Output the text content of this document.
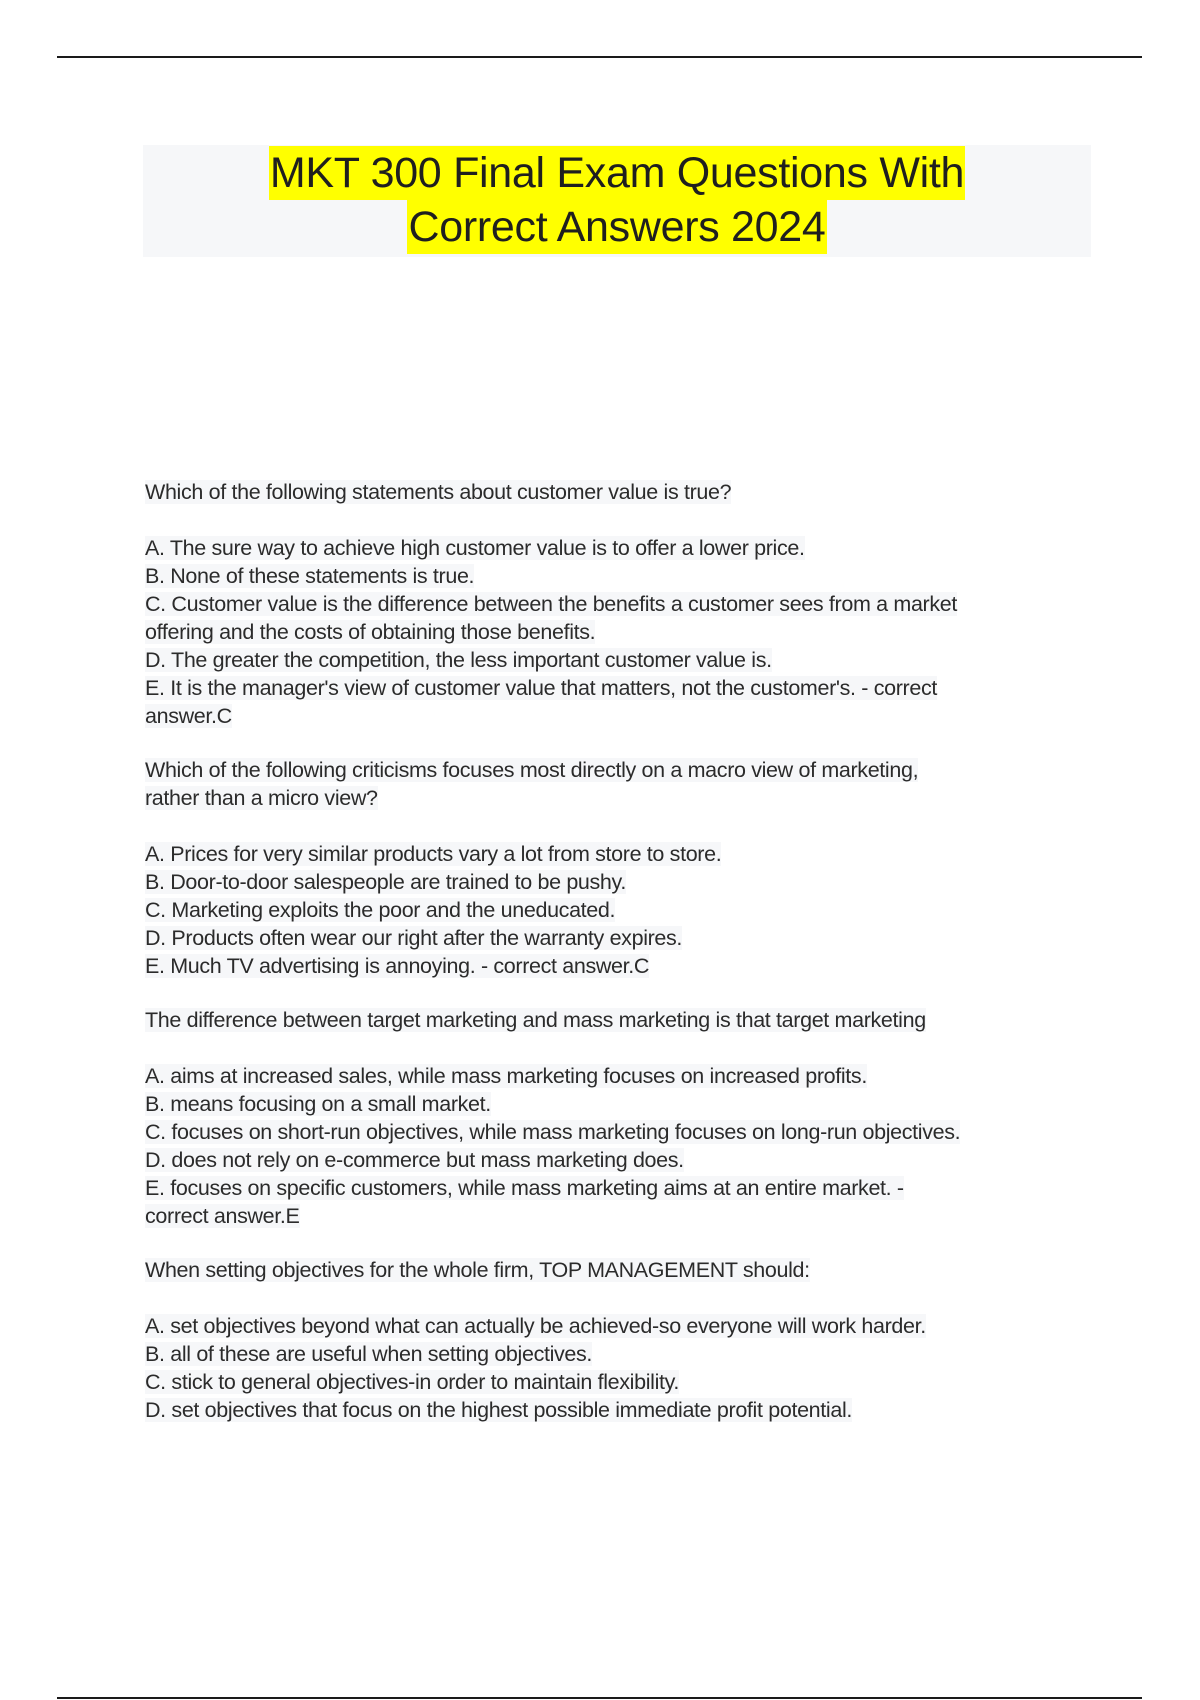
MKT 300 Final Exam Questions With
Correct Answers 2024
Which of the following statements about customer value is true?
A. The sure way to achieve high customer value is to offer a lower price.
B. None of these statements is true.
C. Customer value is the difference between the benefits a customer sees from a market
offering and the costs of obtaining those benefits.
D. The greater the competition, the less important customer value is.
E. It is the manager's view of customer value that matters, not the customer's. - correct
answer.C
Which of the following criticisms focuses most directly on a macro view of marketing,
rather than a micro view?
A. Prices for very similar products vary a lot from store to store.
B. Door-to-door salespeople are trained to be pushy.
C. Marketing exploits the poor and the uneducated.
D. Products often wear our right after the warranty expires.
E. Much TV advertising is annoying. - correct answer.C
The difference between target marketing and mass marketing is that target marketing
A. aims at increased sales, while mass marketing focuses on increased profits.
B. means focusing on a small market.
C. focuses on short-run objectives, while mass marketing focuses on long-run objectives.
D. does not rely on e-commerce but mass marketing does.
E. focuses on specific customers, while mass marketing aims at an entire market. -
correct answer.E
When setting objectives for the whole firm, TOP MANAGEMENT should:
A. set objectives beyond what can actually be achieved-so everyone will work harder.
B. all of these are useful when setting objectives.
C. stick to general objectives-in order to maintain flexibility.
D. set objectives that focus on the highest possible immediate profit potential.
